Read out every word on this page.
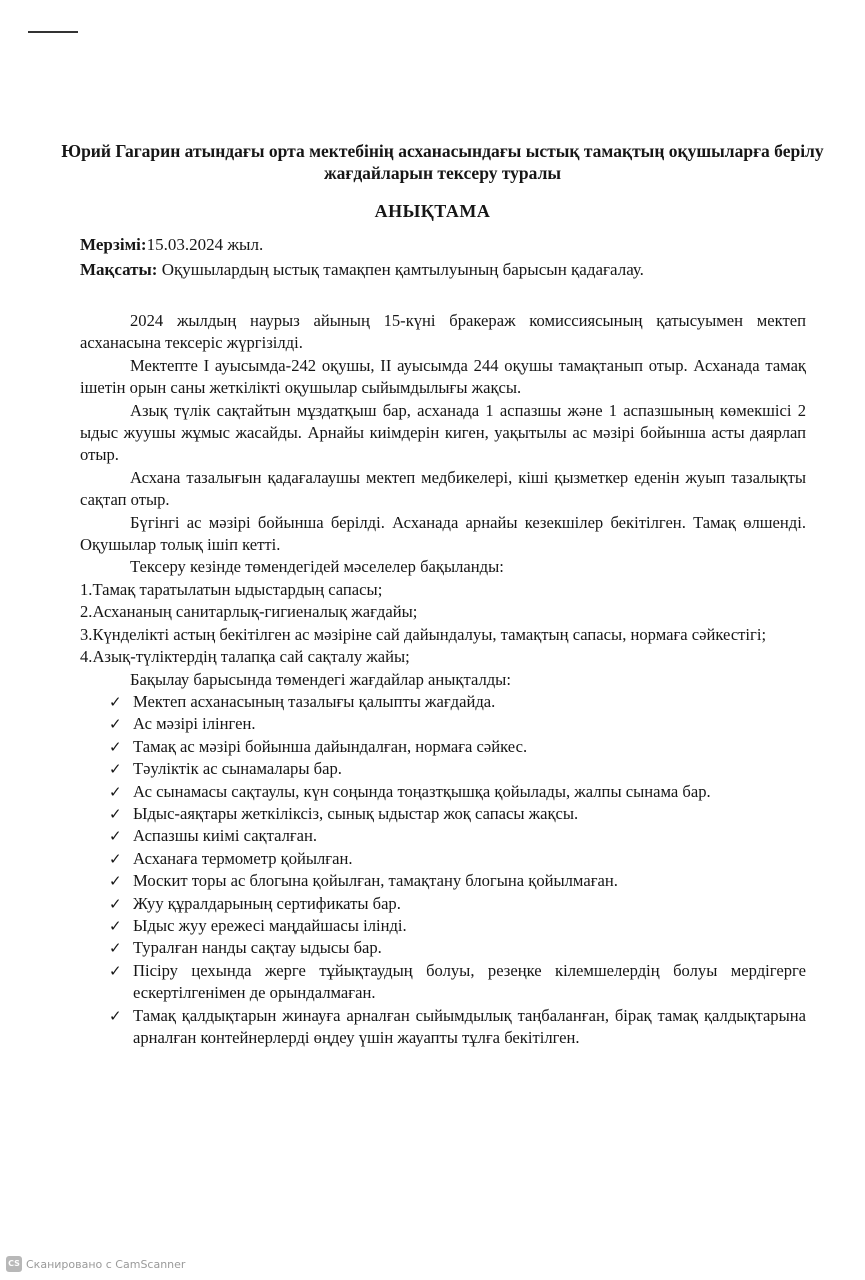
Юрий Гагарин атындағы орта мектебінің асханасындағы ыстық тамақтың оқушыларға берілу жағдайларын тексеру туралы
АНЫҚТАМА
Мерзімі:15.03.2024 жыл.
Мақсаты: Оқушылардың ыстық тамақпен қамтылуының барысын қадағалау.

2024 жылдың наурыз айының 15-күні бракераж комиссиясының қатысуымен мектеп асханасына тексеріс жүргізілді.

Мектепте І ауысымда-242 оқушы, ІІ ауысымда 244 оқушы тамақтанып отыр. Асханада тамақ ішетін орын саны жеткілікті оқушылар сыйымдылығы жақсы.

Азық түлік сақтайтын мұздатқыш бар, асханада 1 аспазшы және 1 аспазшының көмекшісі 2 ыдыс жуушы жұмыс жасайды. Арнайы киімдерін киген, уақытылы ас мәзірі бойынша асты даярлап отыр.

Асхана тазалығын қадағалаушы мектеп медбикелері, кіші қызметкер еденін жуып тазалықты сақтап отыр.

Бүгінгі ас мәзірі бойынша берілді. Асханада арнайы кезекшілер бекітілген. Тамақ өлшенді. Оқушылар толық ішіп кетті.

Тексеру кезінде төмендегідей мәселелер бақыланды:

1.Тамақ таратылатын ыдыстардың сапасы;

2.Асхананың санитарлық-гигиеналық жағдайы;

3.Күнделікті астың бекітілген ас мәзіріне сай дайындалуы, тамақтың сапасы, нормаға сәйкестігі;

4.Азық-түліктердің талапқа сай сақталу жайы;

Бақылау барысында төмендегі жағдайлар анықталды:

✓ Мектеп асханасының тазалығы қалыпты жағдайда.
✓ Ас мәзірі ілінген.
✓ Тамақ ас мәзірі бойынша дайындалған, нормаға сәйкес.
✓ Тәуліктік ас сынамалары бар.
✓ Ас сынамасы сақтаулы, күн соңында тоңазтқышқа қойылады, жалпы сынама бар.
✓ Ыдыс-аяқтары жеткіліксіз, сынық ыдыстар жоқ сапасы жақсы.
✓ Аспазшы киімі сақталған.
✓ Асханаға термометр қойылған.
✓ Москит торы ас блогына қойылған, тамақтану блогына қойылмаған.
✓ Жуу құралдарының сертификаты бар.
✓ Ыдыс жуу ережесі маңдайшасы ілінді.
✓ Туралған нанды сақтау ыдысы бар.
✓ Пісіру цехында жерге тұйықтаудың болуы, резеңке кілемшелердің болуы мердігерге ескертілгенімен де орындалмаған.
✓ Тамақ қалдықтарын жинауға арналған сыйымдылық таңбаланған, бірақ тамақ қалдықтарына арналған контейнерлерді өңдеу үшін жауапты тұлға бекітілген.
CS Сканировано с CamScanner
